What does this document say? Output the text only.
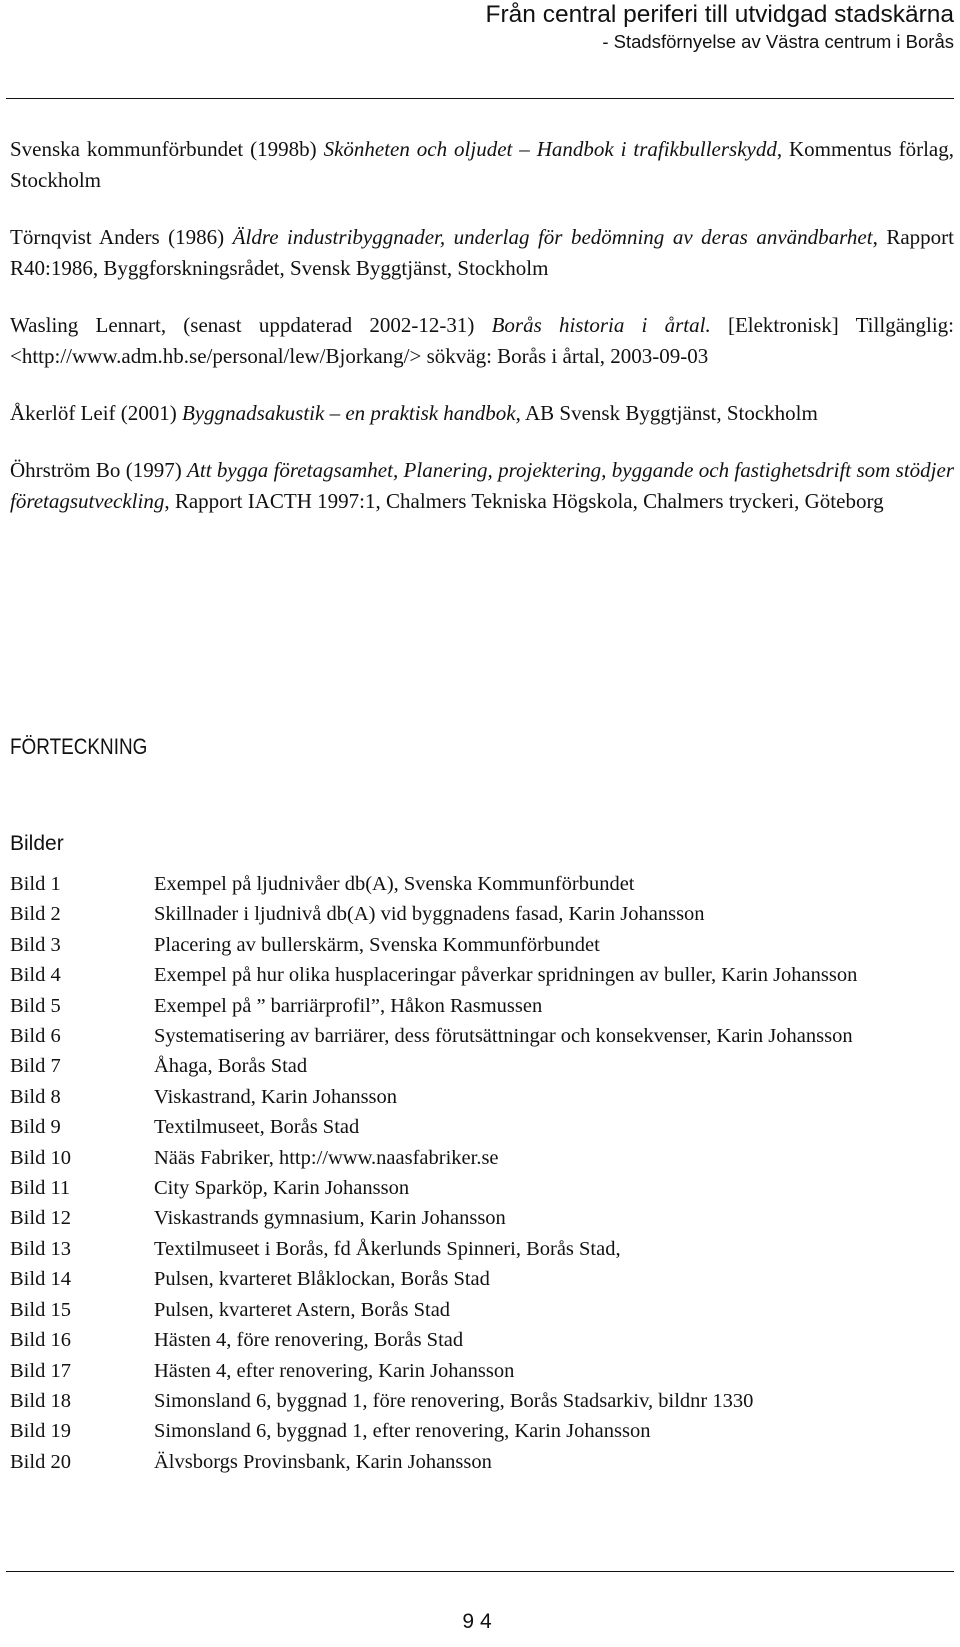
Från central periferi till utvidgad stadskärna
- Stadsförnyelse av Västra centrum i Borås

Svenska kommunförbundet (1998b) Skönheten och oljudet – Handbok i trafikbullerskydd, Kommentus förlag, Stockholm

Törnqvist Anders (1986) Äldre industribyggnader, underlag för bedömning av deras användbarhet, Rapport R40:1986, Byggforskningsrådet, Svensk Byggtjänst, Stockholm

Wasling Lennart, (senast uppdaterad 2002-12-31) Borås historia i årtal. [Elektronisk] Tillgänglig: <http://www.adm.hb.se/personal/lew/Bjorkang/> sökväg: Borås i årtal, 2003-09-03

Åkerlöf Leif (2001) Byggnadsakustik – en praktisk handbok, AB Svensk Byggtjänst, Stockholm

Öhrström Bo (1997) Att bygga företagsamhet, Planering, projektering, byggande och fastighetsdrift som stödjer företagsutveckling, Rapport IACTH 1997:1, Chalmers Tekniska Högskola, Chalmers tryckeri, Göteborg

FÖRTECKNING
Bilder
Bild 1	Exempel på ljudnivåer db(A), Svenska Kommunförbundet
Bild 2	Skillnader i ljudnivå db(A) vid byggnadens fasad, Karin Johansson
Bild 3	Placering av bullerskärm, Svenska Kommunförbundet
Bild 4	Exempel på hur olika husplaceringar påverkar spridningen av buller, Karin Johansson
Bild 5	Exempel på ” barriärprofil”, Håkon Rasmussen
Bild 6	Systematisering av barriärer, dess förutsättningar och konsekvenser, Karin Johansson
Bild 7	Åhaga, Borås Stad
Bild 8	Viskastrand, Karin Johansson
Bild 9	Textilmuseet, Borås Stad
Bild 10	Nääs Fabriker, http://www.naasfabriker.se
Bild 11	City Sparköp, Karin Johansson
Bild 12	Viskastrands gymnasium, Karin Johansson
Bild 13	Textilmuseet i Borås, fd Åkerlunds Spinneri, Borås Stad,
Bild 14	Pulsen, kvarteret Blåklockan, Borås Stad
Bild 15	Pulsen, kvarteret Astern, Borås Stad
Bild 16	Hästen 4, före renovering, Borås Stad
Bild 17	Hästen 4, efter renovering, Karin Johansson
Bild 18	Simonsland 6, byggnad 1, före renovering, Borås Stadsarkiv, bildnr 1330
Bild 19	Simonsland 6, byggnad 1, efter renovering, Karin Johansson
Bild 20	Älvsborgs Provinsbank, Karin Johansson
94
